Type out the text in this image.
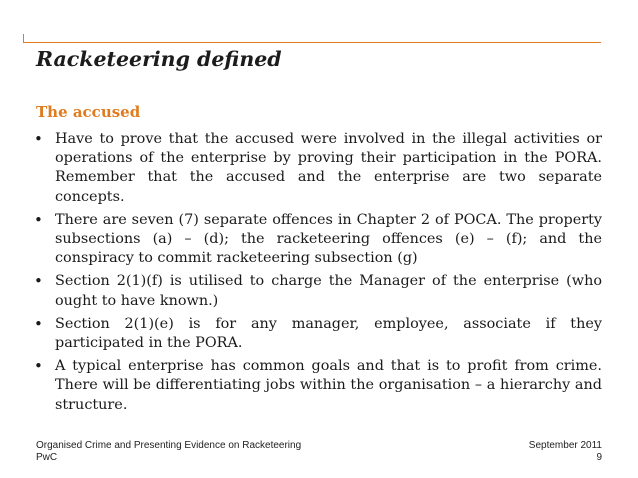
Racketeering defined
The accused
• Have to prove that the accused were involved in the illegal activities or operations of the enterprise by proving their participation in the PORA. Remember that the accused and the enterprise are two separate concepts.
• There are seven (7) separate offences in Chapter 2 of POCA. The property subsections (a) – (d); the racketeering offences (e) – (f); and the conspiracy to commit racketeering subsection (g)
• Section 2(1)(f) is utilised to charge the Manager of the enterprise (who ought to have known.)
• Section 2(1)(e) is for any manager, employee, associate if they participated in the PORA.
• A typical enterprise has common goals and that is to profit from crime. There will be differentiating jobs within the organisation – a hierarchy and structure.
Organised Crime and Presenting Evidence on Racketeering	September 2011
PwC	9
